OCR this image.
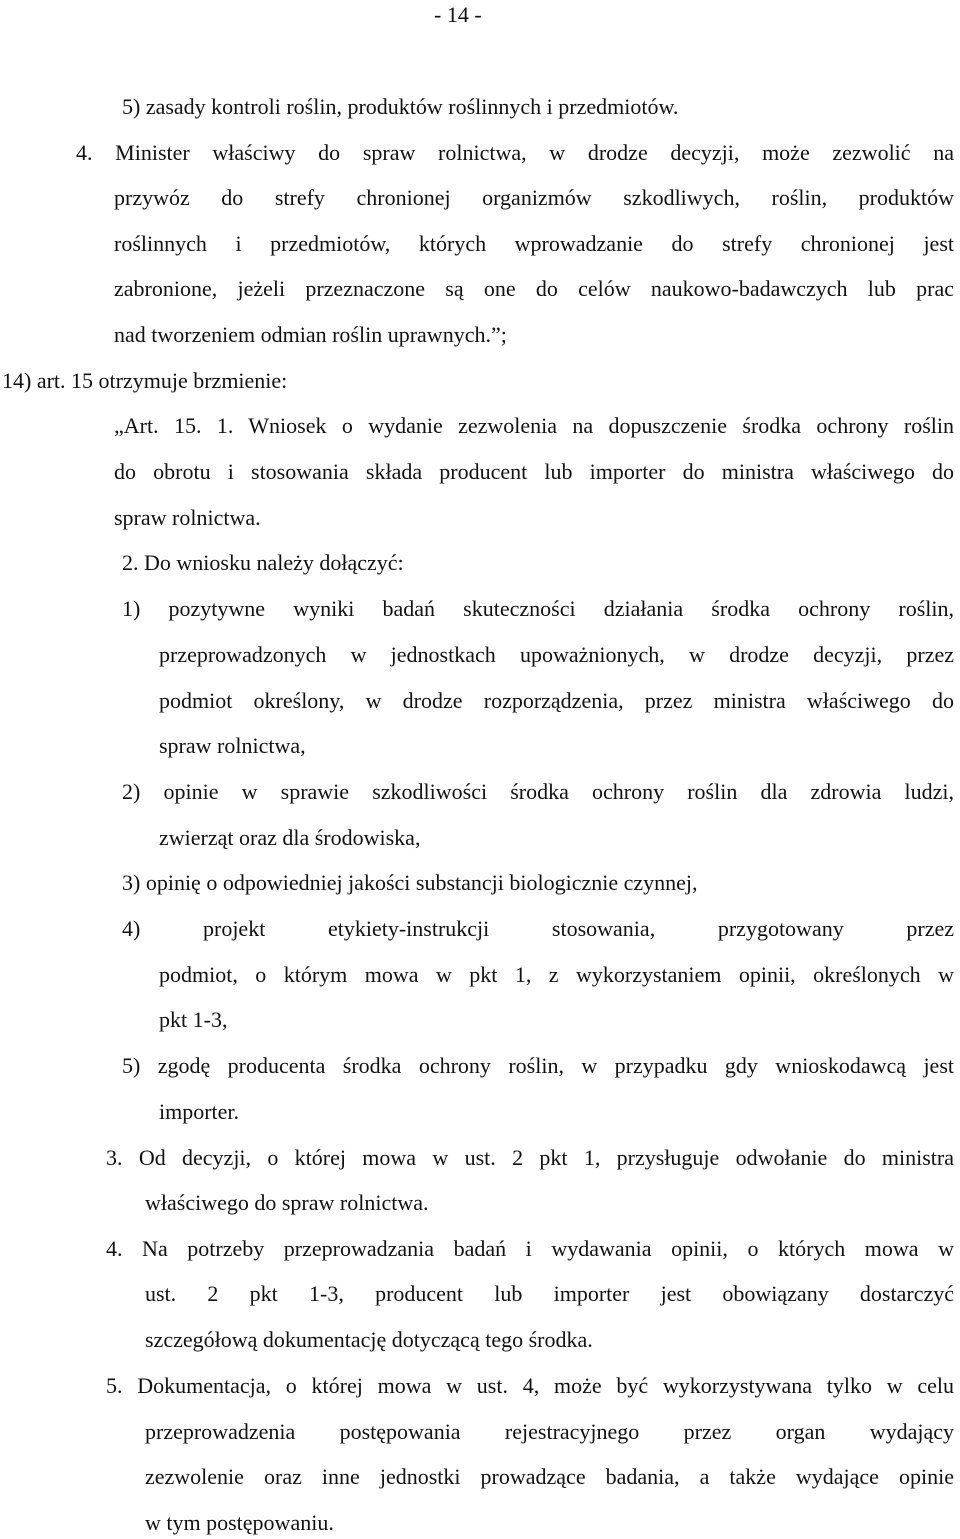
- 14 -
5) zasady kontroli roślin, produktów roślinnych i przedmiotów.
4. Minister właściwy do spraw rolnictwa, w drodze decyzji, może zezwolić na
przywóz do strefy chronionej organizmów szkodliwych, roślin, produktów
roślinnych i przedmiotów, których wprowadzanie do strefy chronionej jest
zabronione, jeżeli przeznaczone są one do celów naukowo-badawczych lub prac
nad tworzeniem odmian roślin uprawnych.”;
14) art. 15 otrzymuje brzmienie:
„Art. 15. 1. Wniosek o wydanie zezwolenia na dopuszczenie środka ochrony roślin
do obrotu i stosowania składa producent lub importer do ministra właściwego do
spraw rolnictwa.
2. Do wniosku należy dołączyć:
1) pozytywne wyniki badań skuteczności działania środka ochrony roślin,
przeprowadzonych w jednostkach upoważnionych, w drodze decyzji, przez
podmiot określony, w drodze rozporządzenia, przez ministra właściwego do
spraw rolnictwa,
2) opinie w sprawie szkodliwości środka ochrony roślin dla zdrowia ludzi,
zwierząt oraz dla środowiska,
3) opinię o odpowiedniej jakości substancji biologicznie czynnej,
4) projekt etykiety-instrukcji stosowania, przygotowany przez
podmiot, o którym mowa w pkt 1, z wykorzystaniem opinii, określonych w
pkt 1-3,
5) zgodę producenta środka ochrony roślin, w przypadku gdy wnioskodawcą jest
importer.
3. Od decyzji, o której mowa w ust. 2 pkt 1, przysługuje odwołanie do ministra
właściwego do spraw rolnictwa.
4. Na potrzeby przeprowadzania badań i wydawania opinii, o których mowa w
ust. 2 pkt 1-3, producent lub importer jest obowiązany dostarczyć
szczegółową dokumentację dotyczącą tego środka.
5. Dokumentacja, o której mowa w ust. 4, może być wykorzystywana tylko w celu
przeprowadzenia postępowania rejestracyjnego przez organ wydający
zezwolenie oraz inne jednostki prowadzące badania, a także wydające opinie
w tym postępowaniu.
